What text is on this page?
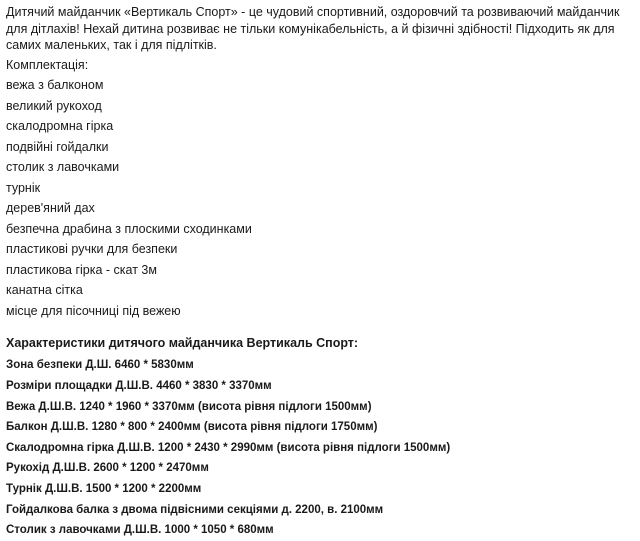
Дитячий майданчик «Вертикаль Спорт» - це чудовий спортивний, оздоровчий та розвиваючий майданчик для дітлахів! Нехай дитина розвиває не тільки комунікабельність, а й фізичні здібності! Підходить як для самих маленьких, так і для підлітків.

Комплектація:

вежа з балконом
великий рукоход
скалодромна гірка
подвійні гойдалки
столик з лавочками
турнік
дерев'яний дах
безпечна драбина з плоскими сходинками
пластикові ручки для безпеки
пластикова гірка - скат 3м
канатна сітка
місце для пісочниці під вежею

Характеристики дитячого майданчика Вертикаль Спорт:

Зона безпеки Д.Ш. 6460 * 5830мм
Розміри площадки Д.Ш.В. 4460 * 3830 * 3370мм
Вежа Д.Ш.В. 1240 * 1960 * 3370мм (висота рівня підлоги 1500мм)
Балкон Д.Ш.В. 1280 * 800 * 2400мм (висота рівня підлоги 1750мм)
Скалодромна гірка Д.Ш.В. 1200 * 2430 * 2990мм (висота рівня підлоги 1500мм)
Рукохід Д.Ш.В. 2600 * 1200 * 2470мм
Турнік Д.Ш.В. 1500 * 1200 * 2200мм
Гойдалкова балка з двома підвісними секціями д. 2200, в. 2100мм
Столик з лавочками Д.Ш.В. 1000 * 1050 * 680мм
